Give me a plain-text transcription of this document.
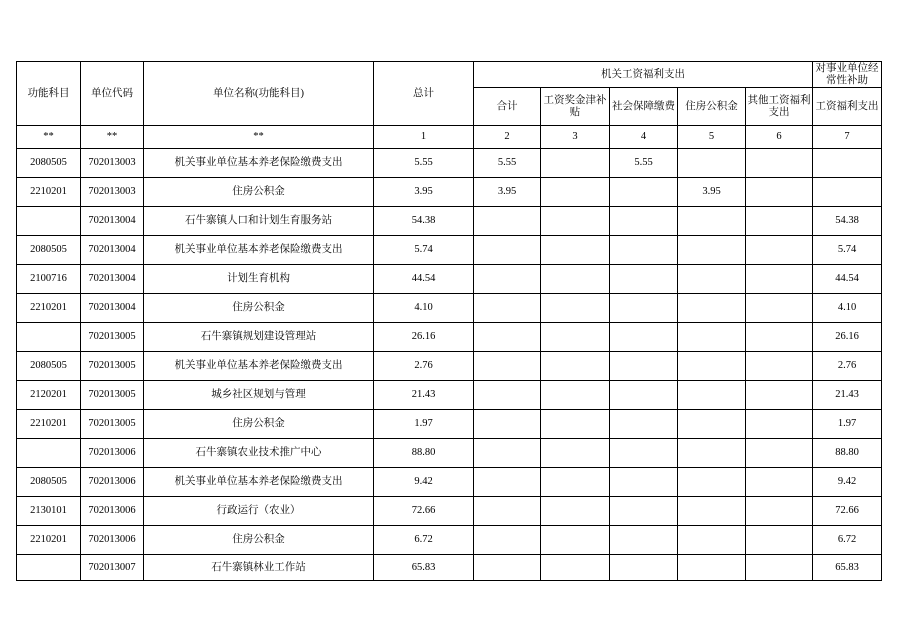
功能科目	单位代码	单位名称(功能科目)	总计	机关工资福利支出					对事业单位经常性补助
				合计	工资奖金津补贴	社会保障缴费	住房公积金	其他工资福利支出	工资福利支出
**	**	**	1	2	3	4	5	6	7
2080505	702013003	机关事业单位基本养老保险缴费支出	5.55	5.55		5.55			
2210201	702013003	住房公积金	3.95	3.95			3.95		
	702013004	石牛寨镇人口和计划生育服务站	54.38						54.38
2080505	702013004	机关事业单位基本养老保险缴费支出	5.74						5.74
2100716	702013004	计划生育机构	44.54						44.54
2210201	702013004	住房公积金	4.10						4.10
	702013005	石牛寨镇规划建设管理站	26.16						26.16
2080505	702013005	机关事业单位基本养老保险缴费支出	2.76						2.76
2120201	702013005	城乡社区规划与管理	21.43						21.43
2210201	702013005	住房公积金	1.97						1.97
	702013006	石牛寨镇农业技术推广中心	88.80						88.80
2080505	702013006	机关事业单位基本养老保险缴费支出	9.42						9.42
2130101	702013006	行政运行（农业）	72.66						72.66
2210201	702013006	住房公积金	6.72						6.72
	702013007	石牛寨镇林业工作站	65.83						65.83
